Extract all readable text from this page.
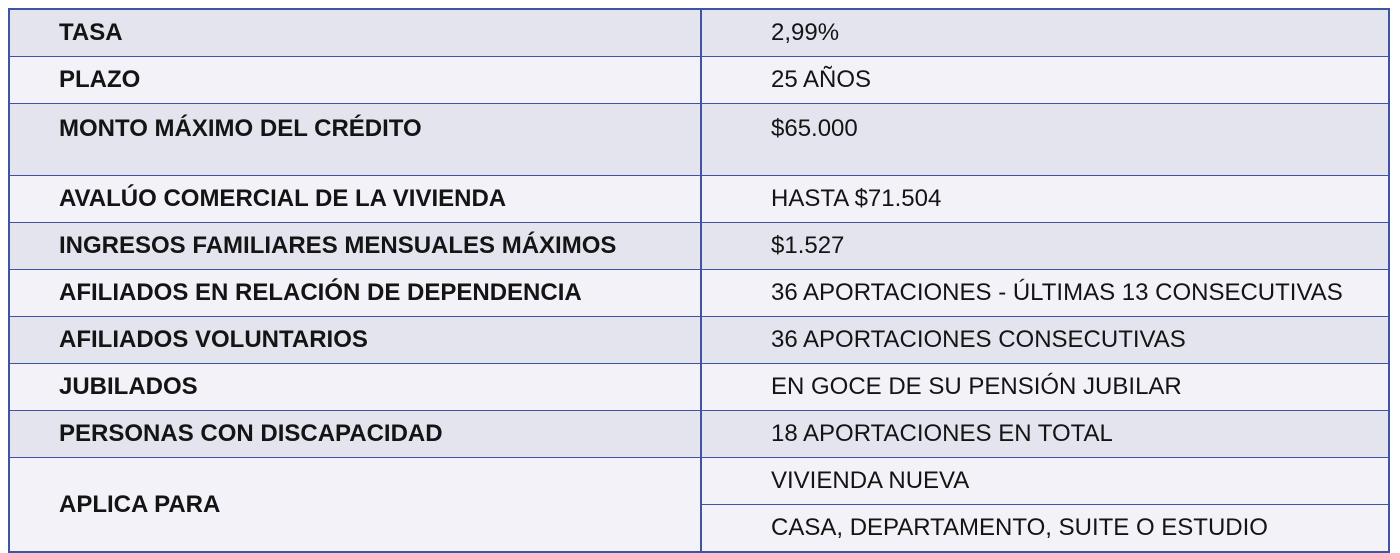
TASA	2,99%
PLAZO	25 AÑOS
MONTO MÁXIMO DEL CRÉDITO	$65.000
AVALÚO COMERCIAL DE LA VIVIENDA	HASTA $71.504
INGRESOS FAMILIARES MENSUALES MÁXIMOS	$1.527
AFILIADOS EN RELACIÓN DE DEPENDENCIA	36 APORTACIONES - ÚLTIMAS 13 CONSECUTIVAS
AFILIADOS VOLUNTARIOS	36 APORTACIONES CONSECUTIVAS
JUBILADOS	EN GOCE DE SU PENSIÓN JUBILAR
PERSONAS CON DISCAPACIDAD	18 APORTACIONES EN TOTAL
APLICA PARA	VIVIENDA NUEVA
	CASA, DEPARTAMENTO, SUITE O ESTUDIO
